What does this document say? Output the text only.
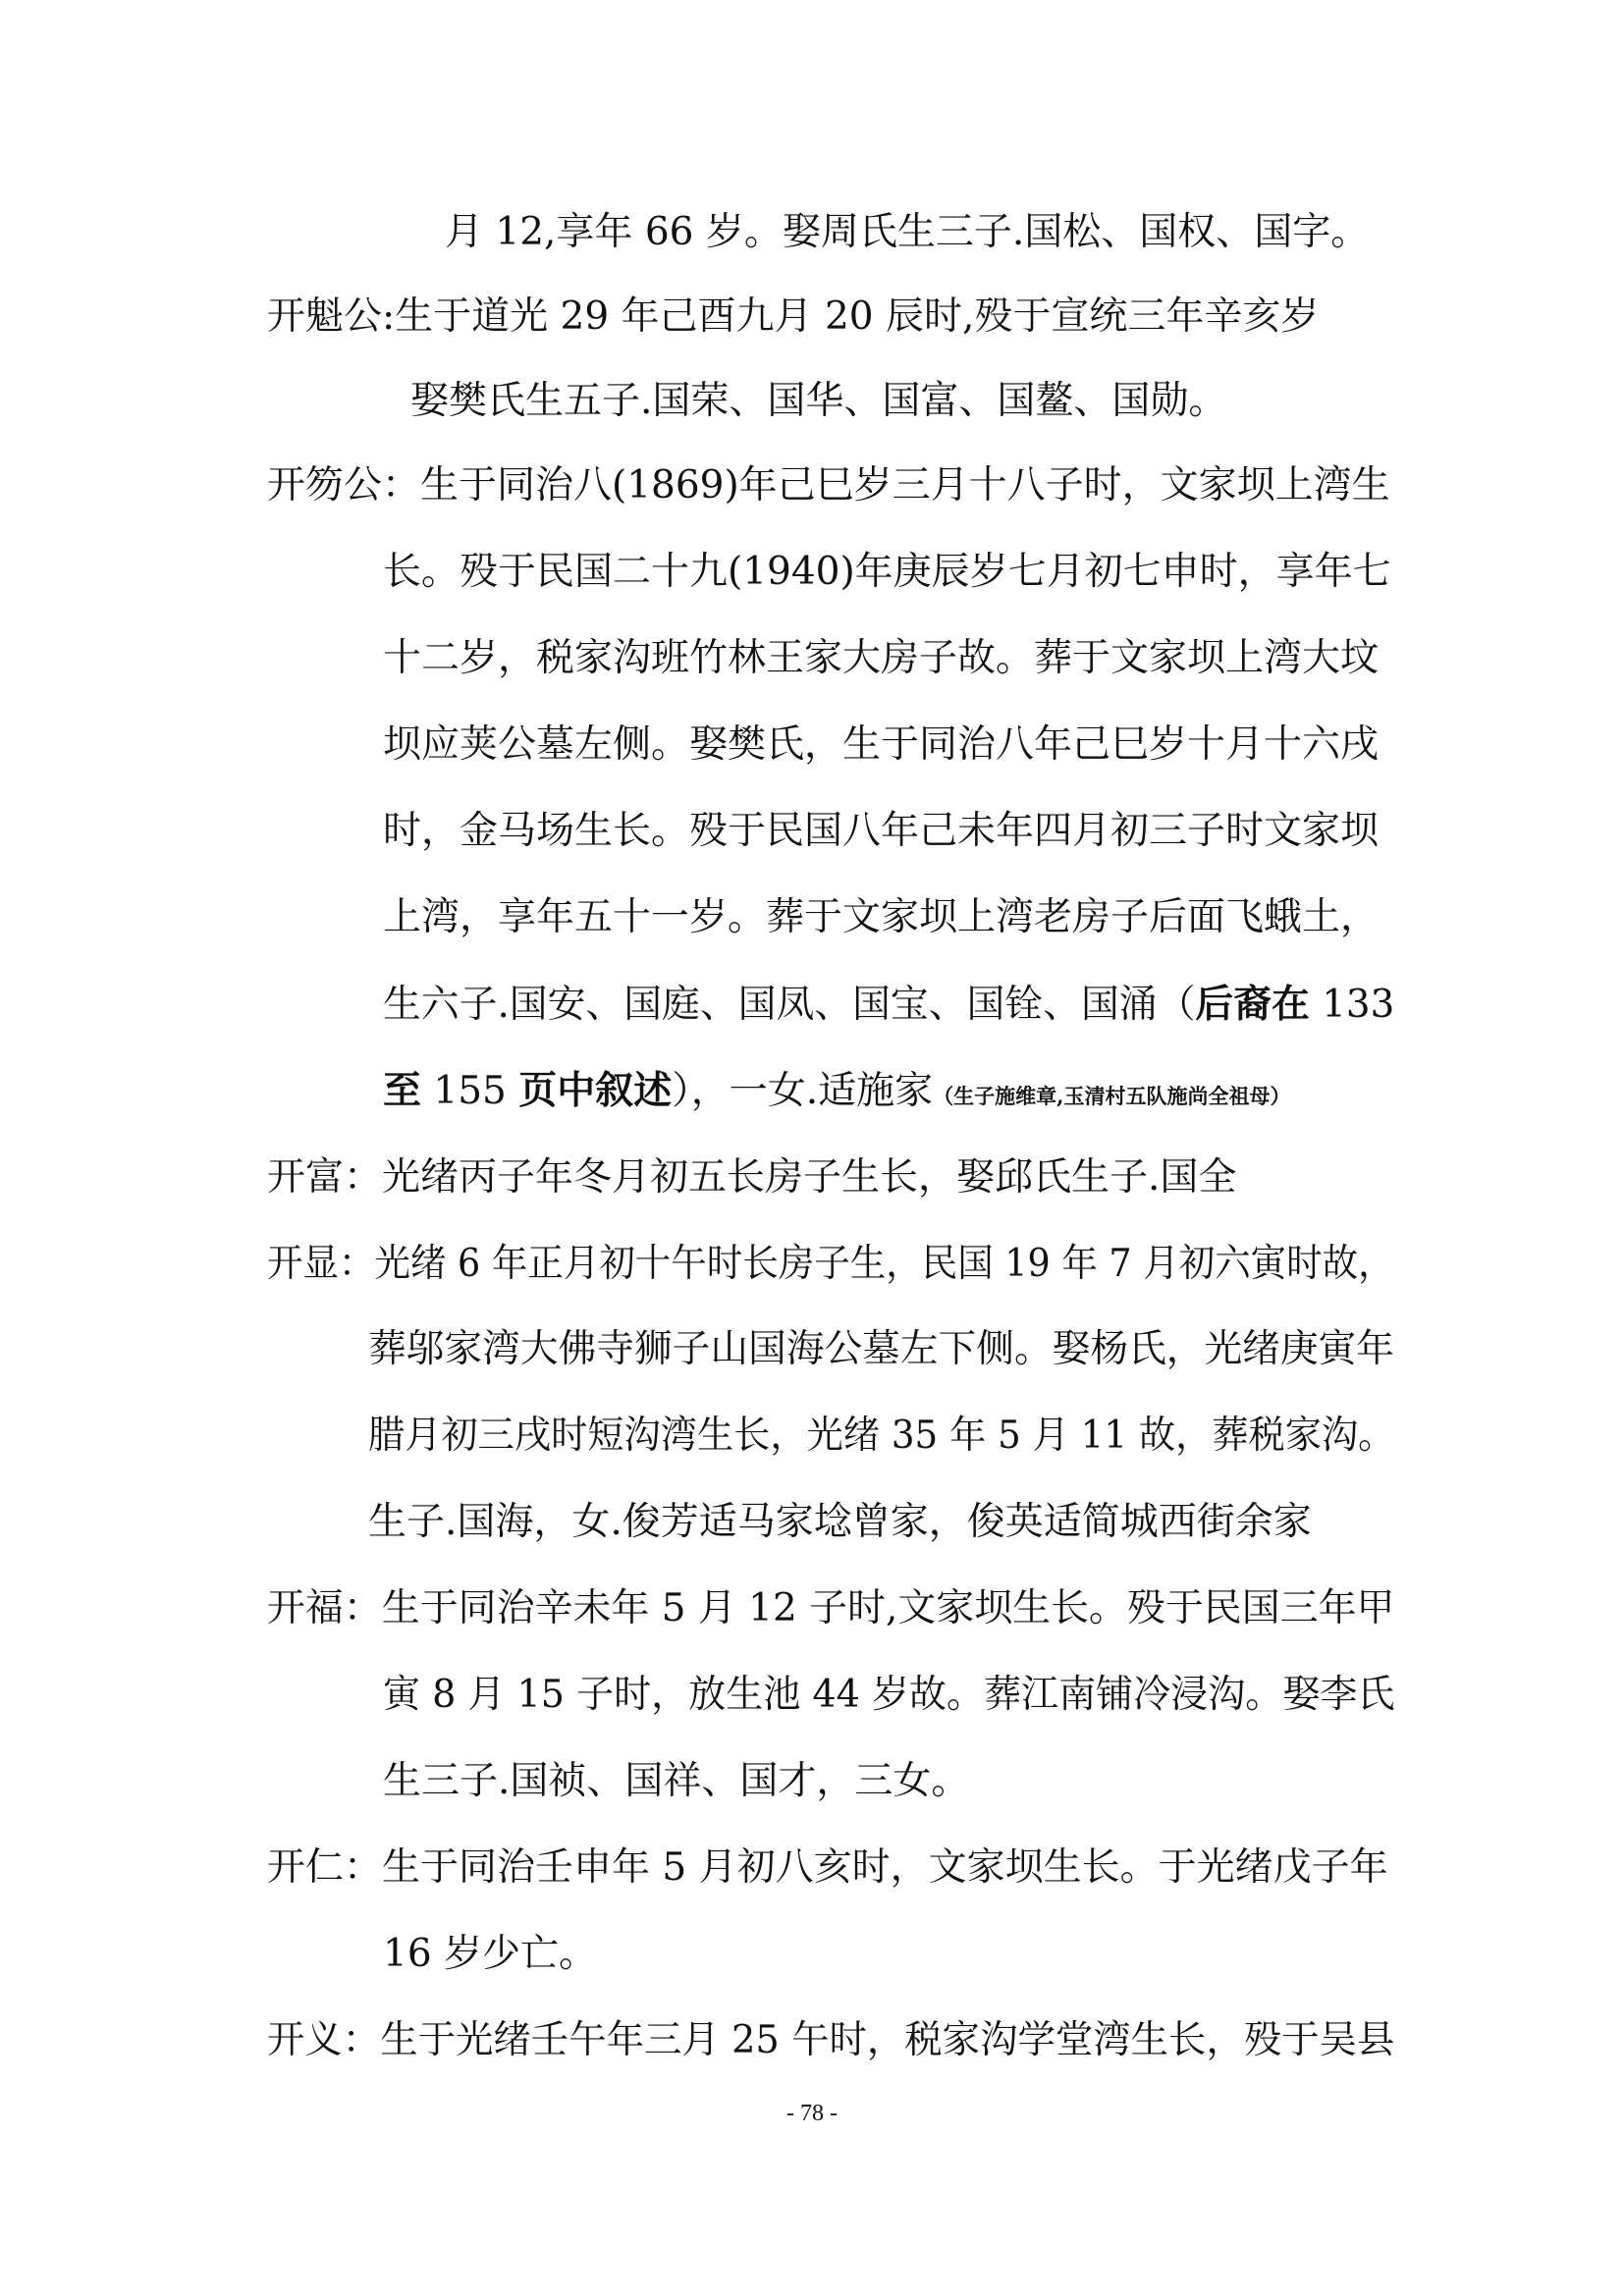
月 12,享年 66 岁。娶周氏生三子.国松、国权、国字。
开魁公:生于道光 29 年己酉九月 20 辰时,殁于宣统三年辛亥岁
娶樊氏生五子.国荣、国华、国富、国鳌、国勋。
开笏公：生于同治八(1869)年己巳岁三月十八子时，文家坝上湾生
长。殁于民国二十九(1940)年庚辰岁七月初七申时，享年七
十二岁，税家沟班竹林王家大房子故。葬于文家坝上湾大坟
坝应荚公墓左侧。娶樊氏，生于同治八年己巳岁十月十六戌
时，金马场生长。殁于民国八年己未年四月初三子时文家坝
上湾，享年五十一岁。葬于文家坝上湾老房子后面飞蛾土，
生六子.国安、国庭、国凤、国宝、国铨、国涌（后裔在 133
至 155 页中叙述），一女.适施家（生子施维章,玉清村五队施尚全祖母）
开富：光绪丙子年冬月初五长房子生长，娶邱氏生子.国全
开显：光绪 6 年正月初十午时长房子生，民国 19 年 7 月初六寅时故，
葬邬家湾大佛寺狮子山国海公墓左下侧。娶杨氏，光绪庚寅年
腊月初三戌时短沟湾生长，光绪 35 年 5 月 11 故，葬税家沟。
生子.国海，女.俊芳适马家埝曾家，俊英适简城西街余家
开福：生于同治辛未年 5 月 12 子时,文家坝生长。殁于民国三年甲
寅 8 月 15 子时，放生池 44 岁故。葬江南铺冷浸沟。娶李氏
生三子.国祯、国祥、国才，三女。
开仁：生于同治壬申年 5 月初八亥时，文家坝生长。于光绪戊子年
16 岁少亡。
开义：生于光绪壬午年三月 25 午时，税家沟学堂湾生长，殁于吴县
- 78 -
